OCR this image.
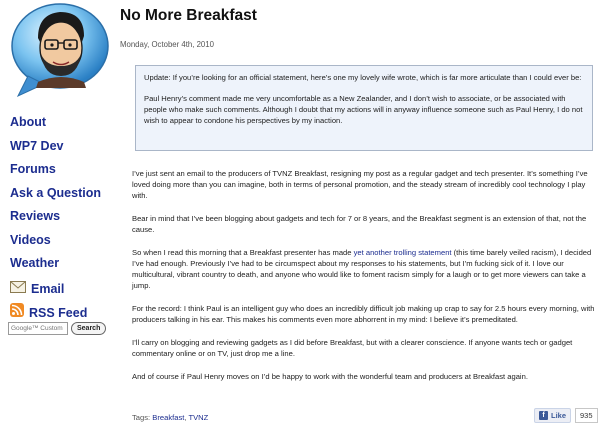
About
WP7 Dev
Forums
Ask a Question
Reviews
Videos
Weather
Email
RSS Feed
Google™ Custom
Search
No More Breakfast
Monday, October 4th, 2010

Update: If you’re looking for an official statement, here’s one my lovely wife wrote, which is far more articulate than I could ever be:

Paul Henry’s comment made me very uncomfortable as a New Zealander, and I don’t wish to associate, or be associated with people who make such comments. Although I doubt that my actions will in anyway influence someone such as Paul Henry, I do not wish to appear to condone his perspectives by my inaction.

I’ve just sent an email to the producers of TVNZ Breakfast, resigning my post as a regular gadget and tech presenter. It’s something I’ve loved doing more than you can imagine, both in terms of personal promotion, and the steady stream of incredibly cool technology I play with.

Bear in mind that I’ve been blogging about gadgets and tech for 7 or 8 years, and the Breakfast segment is an extension of that, not the cause.

So when I read this morning that a Breakfast presenter has made yet another trolling statement (this time barely veiled racism), I decided I’ve had enough. Previously I’ve had to be circumspect about my responses to his statements, but I’m fucking sick of it. I love our multicultural, vibrant country to death, and anyone who would like to foment racism simply for a laugh or to get more viewers can take a jump.

For the record: I think Paul is an intelligent guy who does an incredibly difficult job making up crap to say for 2.5 hours every morning, with producers talking in his ear. This makes his comments even more abhorrent in my mind: I believe it’s premeditated.

I’ll carry on blogging and reviewing gadgets as I did before Breakfast, but with a clearer conscience. If anyone wants tech or gadget commentary online or on TV, just drop me a line.

And of course if Paul Henry moves on I’d be happy to work with the wonderful team and producers at Breakfast again.

Tags: Breakfast, TVNZ	f Like	935
